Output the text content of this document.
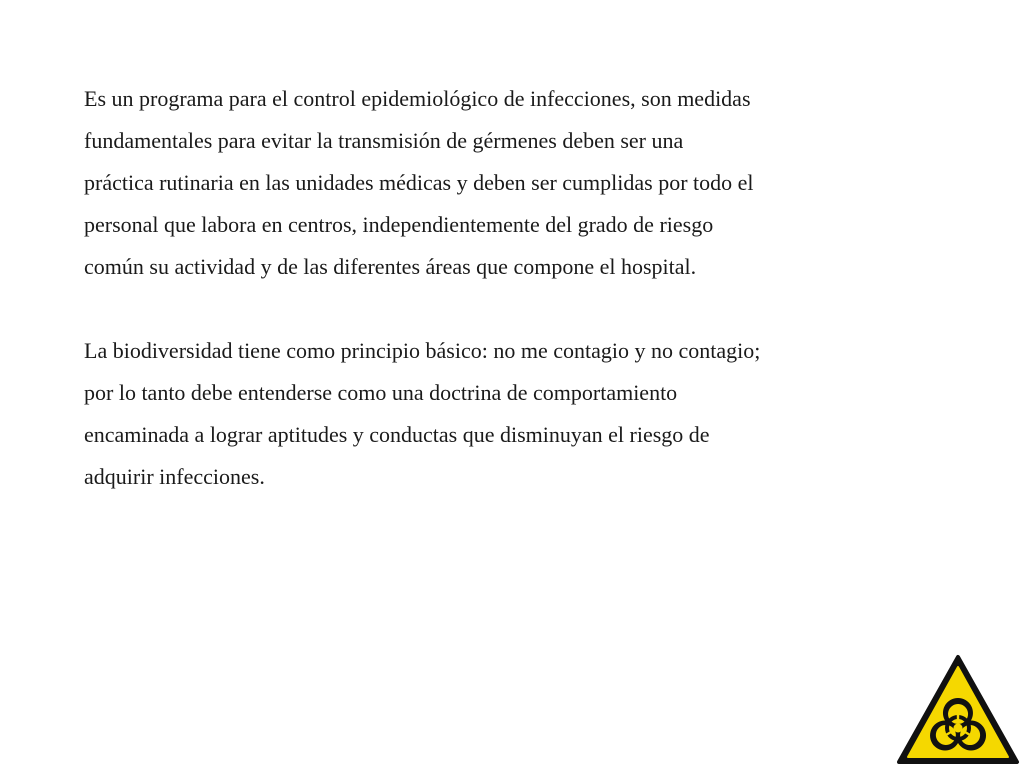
Es un programa para el control epidemiológico de infecciones, son medidas
fundamentales para evitar la transmisión de gérmenes deben ser una
práctica rutinaria en las unidades médicas y deben ser cumplidas por todo el
personal que labora en centros, independientemente del grado de riesgo
común su actividad y de las diferentes áreas que compone el hospital.

La biodiversidad tiene como principio básico: no me contagio y no contagio;
por lo tanto debe entenderse como una doctrina de comportamiento
encaminada a lograr aptitudes y conductas que disminuyan el riesgo de
adquirir infecciones.
